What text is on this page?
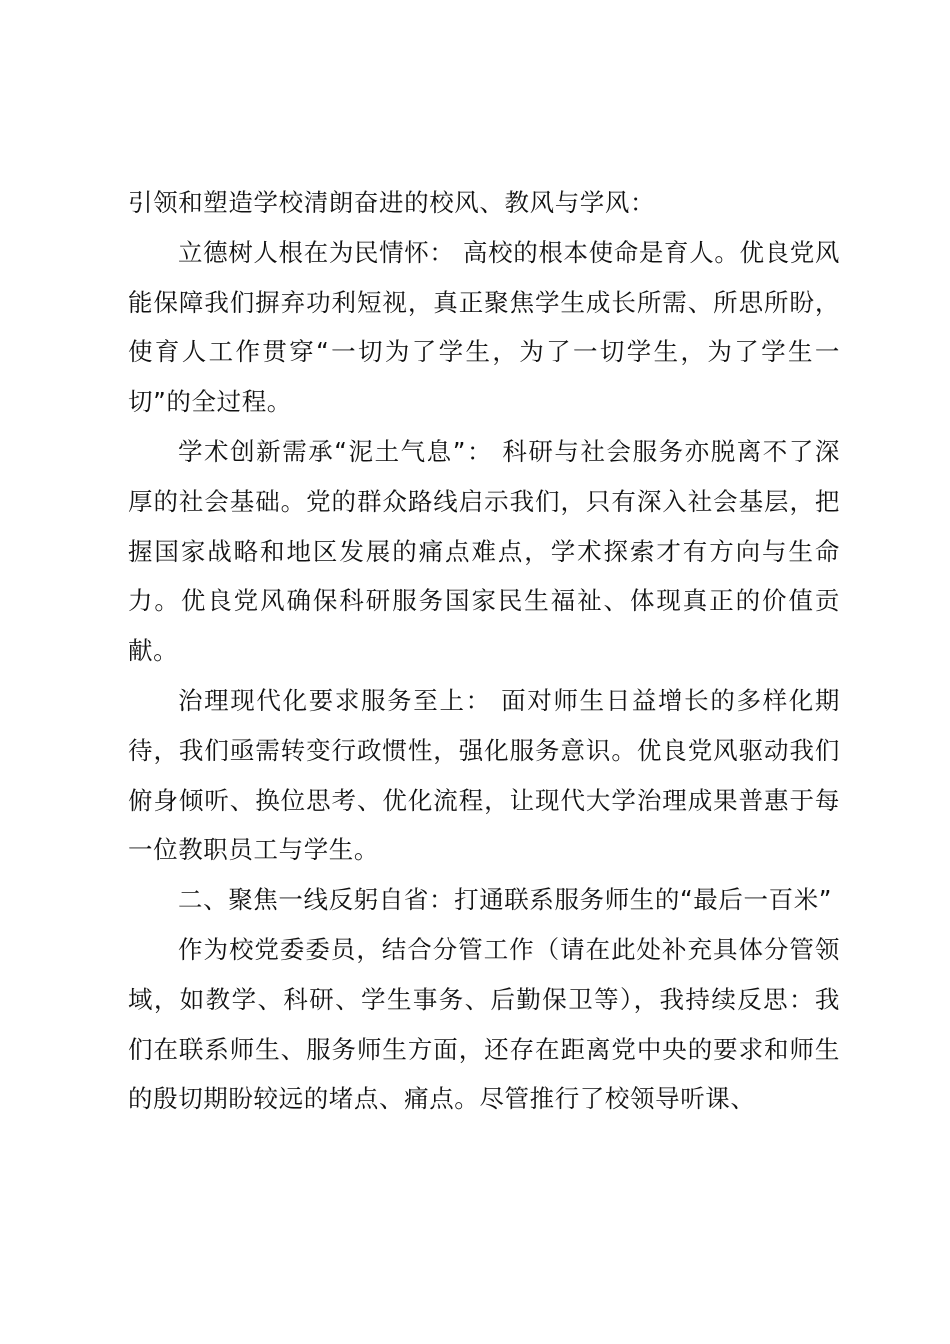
引领和塑造学校清朗奋进的校风、教风与学风：

立德树人根在为民情怀： 高校的根本使命是育人。优良党风能保障我们摒弃功利短视，真正聚焦学生成长所需、所思所盼，使育人工作贯穿“一切为了学生，为了一切学生，为了学生一切”的全过程。

学术创新需承“泥土气息”： 科研与社会服务亦脱离不了深厚的社会基础。党的群众路线启示我们，只有深入社会基层，把握国家战略和地区发展的痛点难点，学术探索才有方向与生命力。优良党风确保科研服务国家民生福祉、体现真正的价值贡献。

治理现代化要求服务至上： 面对师生日益增长的多样化期待，我们亟需转变行政惯性，强化服务意识。优良党风驱动我们俯身倾听、换位思考、优化流程，让现代大学治理成果普惠于每一位教职员工与学生。

二、聚焦一线反躬自省：打通联系服务师生的“最后一百米”

作为校党委委员，结合分管工作（请在此处补充具体分管领域，如教学、科研、学生事务、后勤保卫等），我持续反思：我们在联系师生、服务师生方面，还存在距离党中央的要求和师生的殷切期盼较远的堵点、痛点。尽管推行了校领导听课、
